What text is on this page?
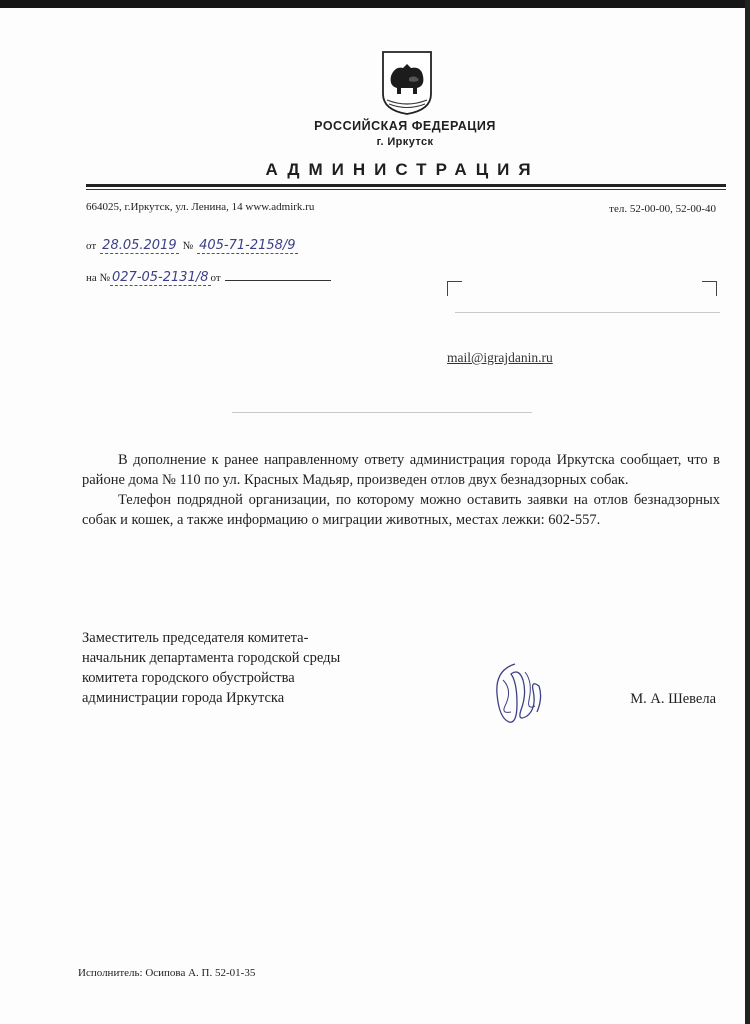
РОССИЙСКАЯ ФЕДЕРАЦИЯ
г. Иркутск
АДМИНИСТРАЦИЯ
664025, г.Иркутск, ул. Ленина, 14 www.admirk.ru	тел. 52-00-00, 52-00-40
от 28.05.2019 № 405-71-2158/9
на № 027-05-2131/8 от
mail@igrajdanin.ru

В дополнение к ранее направленному ответу администрация города Иркутска сообщает, что в районе дома № 110 по ул. Красных Мадьяр, произведен отлов двух безнадзорных собак.

Телефон подрядной организации, по которому можно оставить заявки на отлов безнадзорных собак и кошек, а также информацию о миграции животных, местах лежки: 602-557.

Заместитель председателя комитета-
начальник департамента городской среды
комитета городского обустройства
администрации города Иркутска	М. А. Шевела
Исполнитель: Осипова А. П. 52-01-35
